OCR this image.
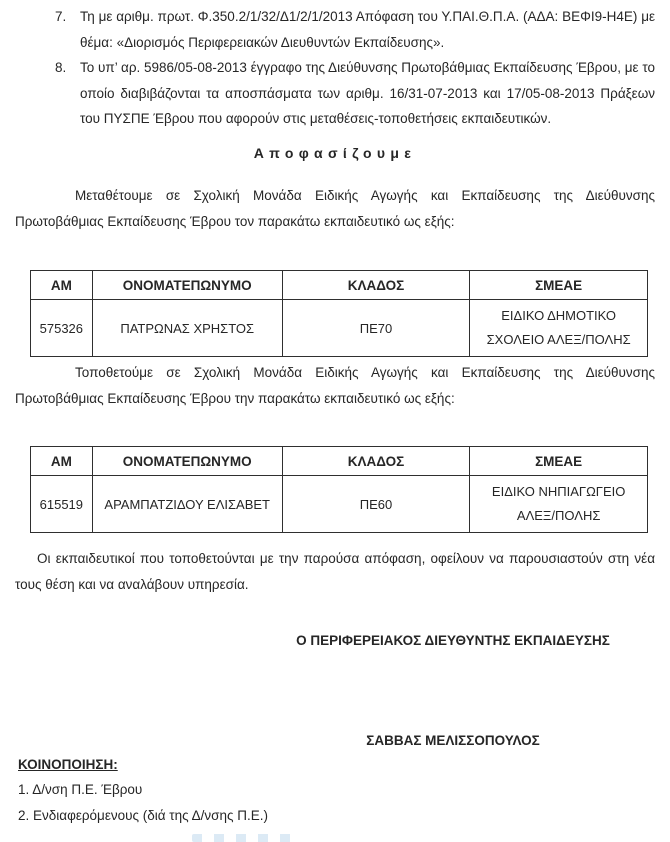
7. Τη με αριθμ. πρωτ. Φ.350.2/1/32/Δ1/2/1/2013 Απόφαση του Υ.ΠΑΙ.Θ.Π.Α. (ΑΔΑ: ΒΕΦΙ9-Η4Ε) με θέμα: «Διορισμός Περιφερειακών Διευθυντών Εκπαίδευσης».
8. Το υπ’ αρ. 5986/05-08-2013 έγγραφο της Διεύθυνσης Πρωτοβάθμιας Εκπαίδευσης Έβρου, με το οποίο διαβιβάζονται τα αποσπάσματα των αριθμ. 16/31-07-2013 και 17/05-08-2013 Πράξεων του ΠΥΣΠΕ Έβρου που αφορούν στις μεταθέσεις-τοποθετήσεις εκπαιδευτικών.
Αποφασίζουμε
Μεταθέτουμε σε Σχολική Μονάδα Ειδικής Αγωγής και Εκπαίδευσης της Διεύθυνσης Πρωτοβάθμιας Εκπαίδευσης Έβρου τον παρακάτω εκπαιδευτικό ως εξής:
ΑΜ	ΟΝΟΜΑΤΕΠΩΝΥΜΟ	ΚΛΑΔΟΣ	ΣΜΕΑΕ
575326	ΠΑΤΡΩΝΑΣ ΧΡΗΣΤΟΣ	ΠΕ70	ΕΙΔΙΚΟ ΔΗΜΟΤΙΚΟ ΣΧΟΛΕΙΟ ΑΛΕΞ/ΠΟΛΗΣ
Τοποθετούμε σε Σχολική Μονάδα Ειδικής Αγωγής και Εκπαίδευσης της Διεύθυνσης Πρωτοβάθμιας Εκπαίδευσης Έβρου την παρακάτω εκπαιδευτικό ως εξής:
ΑΜ	ΟΝΟΜΑΤΕΠΩΝΥΜΟ	ΚΛΑΔΟΣ	ΣΜΕΑΕ
615519	ΑΡΑΜΠΑΤΖΙΔΟΥ ΕΛΙΣΑΒΕΤ	ΠΕ60	ΕΙΔΙΚΟ ΝΗΠΙΑΓΩΓΕΙΟ ΑΛΕΞ/ΠΟΛΗΣ
Οι εκπαιδευτικοί που τοποθετούνται με την παρούσα απόφαση, οφείλουν να παρουσιαστούν στη νέα τους θέση και να αναλάβουν υπηρεσία.
Ο ΠΕΡΙΦΕΡΕΙΑΚΟΣ ΔΙΕΥΘΥΝΤΗΣ ΕΚΠΑΙΔΕΥΣΗΣ
ΣΑΒΒΑΣ ΜΕΛΙΣΣΟΠΟΥΛΟΣ
ΚΟΙΝΟΠΟΙΗΣΗ:
1. Δ/νση Π.Ε. Έβρου
2. Ενδιαφερόμενους (διά της Δ/νσης Π.Ε.)
